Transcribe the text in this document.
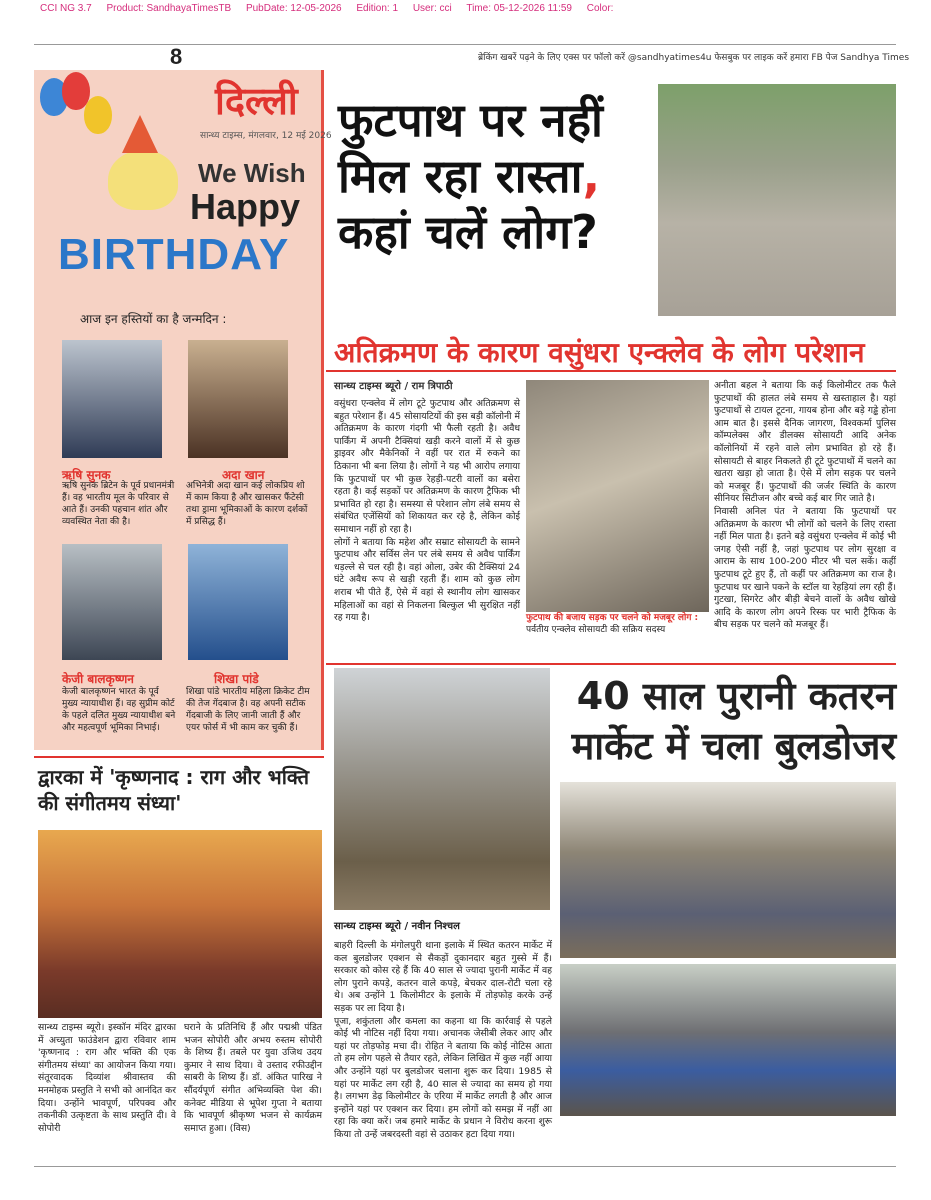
CCI NG 3.7 Product: SandhayaTimesTB PubDate: 12-05-2026 Edition: 1 User: cci Time: 05-12-2026 11:59 Color:
8	ब्रेकिंग खबरें पढ़ने के लिए एक्स पर फॉलो करें @sandhyatimes4u फेसबुक पर लाइक करें हमारा FB पेज Sandhya Times
दिल्ली
सान्ध्य टाइम्स, मंगलवार, 12 मई 2026
We Wish
Happy
BIRTHDAY
आज इन हस्तियों का है जन्मदिन :
ऋषि सुनक
ऋषि सुनक ब्रिटेन के पूर्व प्रधानमंत्री हैं। वह भारतीय मूल के परिवार से आते हैं। उनकी पहचान शांत और व्यवस्थित नेता की है।
अदा खान
अभिनेत्री अदा खान कई लोकप्रिय शो में काम किया है और खासकर फैंटेसी तथा ड्रामा भूमिकाओं के कारण दर्शकों में प्रसिद्ध हैं।
केजी बालकृष्णन
केजी बालकृष्णन भारत के पूर्व मुख्य न्यायाधीश हैं। वह सुप्रीम कोर्ट के पहले दलित मुख्य न्यायाधीश बने और महत्वपूर्ण भूमिका निभाई।
शिखा पांडे
शिखा पांडे भारतीय महिला क्रिकेट टीम की तेज गेंदबाज है। वह अपनी सटीक गेंदबाजी के लिए जानी जाती हैं और एयर फोर्स में भी काम कर चुकी हैं।
फुटपाथ पर नहीं
मिल रहा रास्ता,
कहां चलें लोग?
अतिक्रमण के कारण वसुंधरा एन्क्लेव के लोग परेशान
सान्ध्य टाइम्स ब्यूरो / राम त्रिपाठी
वसुंधरा एन्क्लेव में लोग टूटे फुटपाथ और अतिक्रमण से बहुत परेशान हैं। 45 सोसायटियों की इस बड़ी कॉलोनी में अतिक्रमण के कारण गंदगी भी फैली रहती है। अवैध पार्किंग में अपनी टैक्सियां खड़ी करने वालों में से कुछ ड्राइवर और मैकेनिकों ने वहीं पर रात में रुकने का ठिकाना भी बना लिया है। लोगों ने यह भी आरोप लगाया कि फुटपाथों पर भी कुछ रेहड़ी-पटरी वालों का बसेरा रहता है। कई सड़कों पर अतिक्रमण के कारण ट्रैफिक भी प्रभावित हो रहा है। समस्या से परेशान लोग लंबे समय से संबंधित एजेंसियों को शिकायत कर रहे है, लेकिन कोई समाधान नहीं हो रहा है।
लोगों ने बताया कि महेश और सम्राट सोसायटी के सामने फुटपाथ और सर्विस लेन पर लंबे समय से अवैध पार्किंग धड़ल्ले से चल रही है। वहां ओला, उबेर की टैक्सियां 24 घंटे अवैध रूप से खड़ी रहती हैं। शाम को कुछ लोग शराब भी पीते हैं, ऐसे में वहां से स्थानीय लोग खासकर महिलाओं का वहां से निकलना बिल्कुल भी सुरक्षित नहीं रह गया है।	फुटपाथ की बजाय सड़क पर चलने को मजबूर लोग : पर्वतीय एन्क्लेव सोसायटी की सक्रिय सदस्य
अनीता बहल ने बताया कि कई किलोमीटर तक फैले फुटपाथों की हालत लंबे समय से खस्ताहाल है। यहां फुटपाथों से टायल टूटना, गायब होना और बड़े गड्ढे होना आम बात है। इससे दैनिक जागरण, विश्वकर्मा पुलिस कॉम्पलेक्स और डीलक्स सोसायटी आदि अनेक कॉलोनियों में रहने वाले लोग प्रभावित हो रहे हैं। सोसायटी से बाहर निकलते ही टूटे फुटपाथों में चलने का खतरा खड़ा हो जाता है। ऐसे में लोग सड़क पर चलने को मजबूर हैं। फुटपाथों की जर्जर स्थिति के कारण सीनियर सिटीजन और बच्चे कई बार गिर जाते है।
निवासी अनिल पंत ने बताया कि फुटपाथों पर अतिक्रमण के कारण भी लोगों को चलने के लिए रास्ता नहीं मिल पाता है। इतने बड़े वसुंधरा एन्क्लेव में कोई भी जगह ऐसी नहीं है, जहां फुटपाथ पर लोग सुरक्षा व आराम के साथ 100-200 मीटर भी चल सकें। कहीं फुटपाथ टूटे हुए हैं, तो कहीं पर अतिक्रमण का राज है। फुटपाथ पर खाने पकने के स्टॉल या रेहड़ियां लग रही हैं। गुटखा, सिगरेट और बीड़ी बेचने वालों के अवैध खोखे आदि के कारण लोग अपने रिस्क पर भारी ट्रैफिक के बीच सड़क पर चलने को मजबूर हैं।
40 साल पुरानी कतरन
मार्केट में चला बुलडोजर
सान्ध्य टाइम्स ब्यूरो / नवीन निश्चल
बाहरी दिल्ली के मंगोलपुरी थाना इलाके में स्थित कतरन मार्केट में कल बुलडोजर एक्शन से सैकड़ों दुकानदार बहुत गुस्से में हैं। सरकार को कोस रहे हैं कि 40 साल से ज्यादा पुरानी मार्केट में वह लोग पुराने कपड़े, कतरन वाले कपड़े, बेचकर दाल-रोटी चला रहे थे। अब उन्होंने 1 किलोमीटर के इलाके में तोड़फोड़ करके उन्हें सड़क पर ला दिया है।
पूजा, शकुंतला और कमला का कहना था कि कार्रवाई से पहले कोई भी नोटिस नहीं दिया गया। अचानक जेसीबी लेकर आए और यहां पर तोड़फोड़ मचा दी। रोहित ने बताया कि कोई नोटिस आता तो हम लोग पहले से तैयार रहते, लेकिन लिखित में कुछ नहीं आया और उन्होंने यहां पर बुलडोजर चलाना शुरू कर दिया। 1985 से यहां पर मार्केट लग रही है, 40 साल से ज्यादा का समय हो गया है। लगभग डेढ़ किलोमीटर के एरिया में मार्केट लगती है और आज इन्होंने यहां पर एक्शन कर दिया। हम लोगों को समझ में नहीं आ रहा कि क्या करें। जब हमारे मार्केट के प्रधान ने विरोध करना शुरू किया तो उन्हें जबरदस्ती वहां से उठाकर हटा दिया गया।
द्वारका में 'कृष्णनाद : राग और भक्ति की संगीतमय संध्या'
सान्ध्य टाइम्स ब्यूरो। इस्कॉन मंदिर द्वारका में अच्युता फाउंडेशन द्वारा रविवार शाम 'कृष्णनाद : राग और भक्ति की एक संगीतमय संध्या' का आयोजन किया गया। संतूरवादक दिव्यांश श्रीवास्तव की मनमोहक प्रस्तुति ने सभी को आनंदित कर दिया। उन्होंने भावपूर्ण, परिपक्व और तकनीकी उत्कृष्टता के साथ प्रस्तुति दी। वे सोपोरी
घराने के प्रतिनिधि हैं और पद्मश्री पंडित भजन सोपोरी और अभय रुस्तम सोपोरी के शिष्य हैं। तबले पर युवा उजिथ उदय कुमार ने साथ दिया। वे उस्ताद रफीउद्दीन साबरी के शिष्य हैं। डॉ. अंकित पारिख ने सौंदर्यपूर्ण संगीत अभिव्यक्ति पेश की। कनेक्ट मीडिया से भूपेश गुप्ता ने बताया कि भावपूर्ण श्रीकृष्ण भजन से कार्यक्रम समाप्त हुआ। (विस)
